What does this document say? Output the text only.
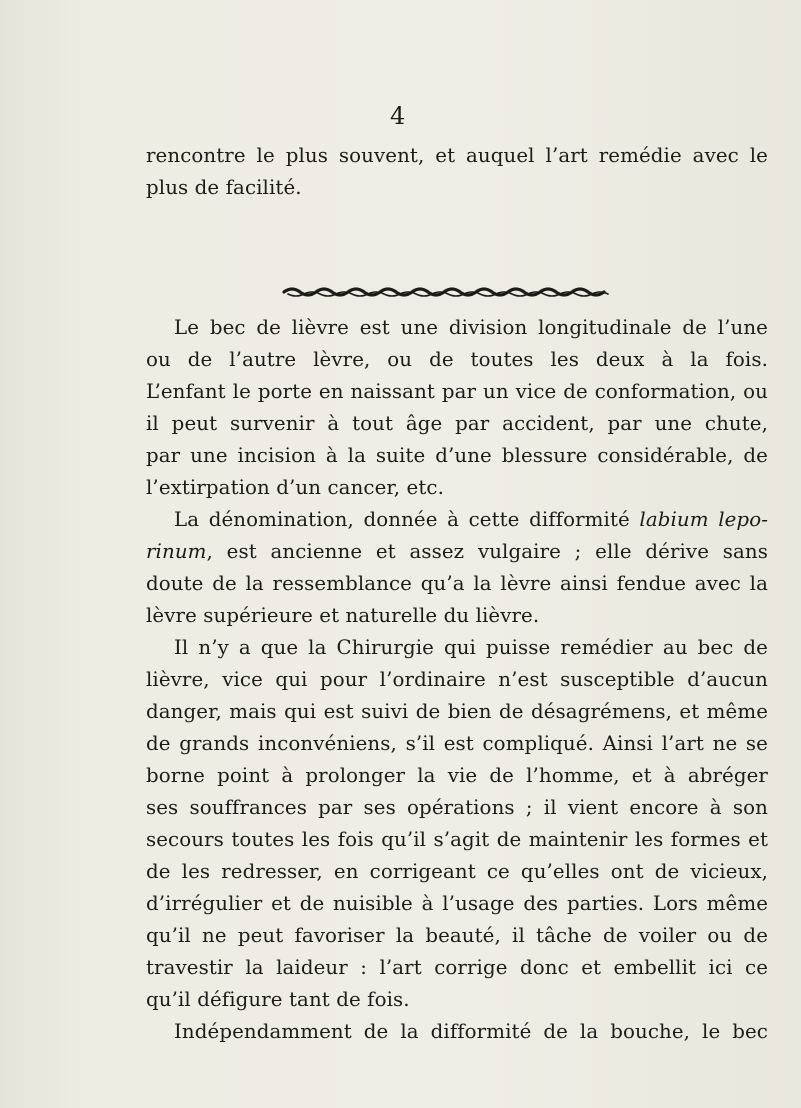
4
rencontre le plus souvent, et auquel l’art remédie avec le
plus de facilité.
Le bec de lièvre est une division longitudinale de l’une
ou de l’autre lèvre, ou de toutes les deux à la fois.
L’enfant le porte en naissant par un vice de conformation, ou
il peut survenir à tout âge par accident, par une chute,
par une incision à la suite d’une blessure considérable, de
l’extirpation d’un cancer, etc.
La dénomination, donnée à cette difformité labium lepo-
rinum, est ancienne et assez vulgaire ; elle dérive sans
doute de la ressemblance qu’a la lèvre ainsi fendue avec la
lèvre supérieure et naturelle du lièvre.
Il n’y a que la Chirurgie qui puisse remédier au bec de
lièvre, vice qui pour l’ordinaire n’est susceptible d’aucun
danger, mais qui est suivi de bien de désagrémens, et même
de grands inconvéniens, s’il est compliqué. Ainsi l’art ne se
borne point à prolonger la vie de l’homme, et à abréger
ses souffrances par ses opérations ; il vient encore à son
secours toutes les fois qu’il s’agit de maintenir les formes et
de les redresser, en corrigeant ce qu’elles ont de vicieux,
d’irrégulier et de nuisible à l’usage des parties. Lors même
qu’il ne peut favoriser la beauté, il tâche de voiler ou de
travestir la laideur : l’art corrige donc et embellit ici ce
qu’il défigure tant de fois.
Indépendamment de la difformité de la bouche, le bec
